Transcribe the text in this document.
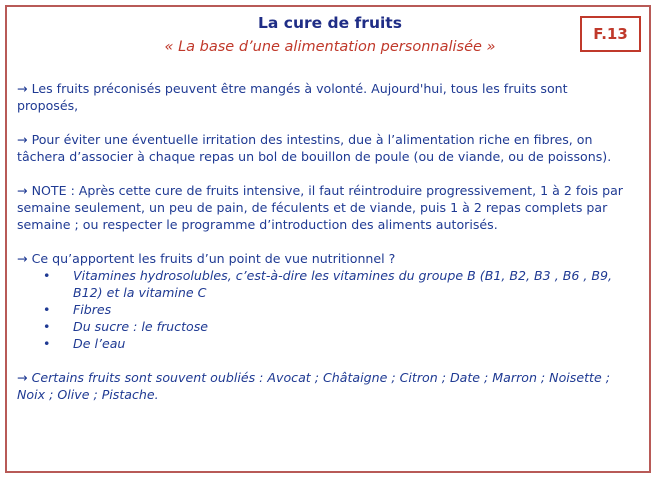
La cure de fruits
« La base d’une alimentation personnalisée »
F.13

→ Les fruits préconisés peuvent être mangés à volonté. Aujourd'hui, tous les fruits sont proposés,

→ Pour éviter une éventuelle irritation des intestins, due à l’alimentation riche en fibres, on tâchera d’associer à chaque repas un bol de bouillon de poule (ou de viande, ou de poissons).

→ NOTE : Après cette cure de fruits intensive, il faut réintroduire progressivement, 1 à 2 fois par semaine seulement, un peu de pain, de féculents et de viande, puis 1 à 2 repas complets par semaine ; ou respecter le programme d’introduction des aliments autorisés.

→ Ce qu’apportent les fruits d’un point de vue nutritionnel ?

• Vitamines hydrosolubles, c’est-à-dire les vitamines du groupe B (B1, B2, B3 , B6 , B9, B12) et la vitamine C
• Fibres
• Du sucre : le fructose
• De l’eau

→ Certains fruits sont souvent oubliés : Avocat ; Châtaigne ; Citron ; Date ; Marron ; Noisette ; Noix ; Olive ; Pistache.
